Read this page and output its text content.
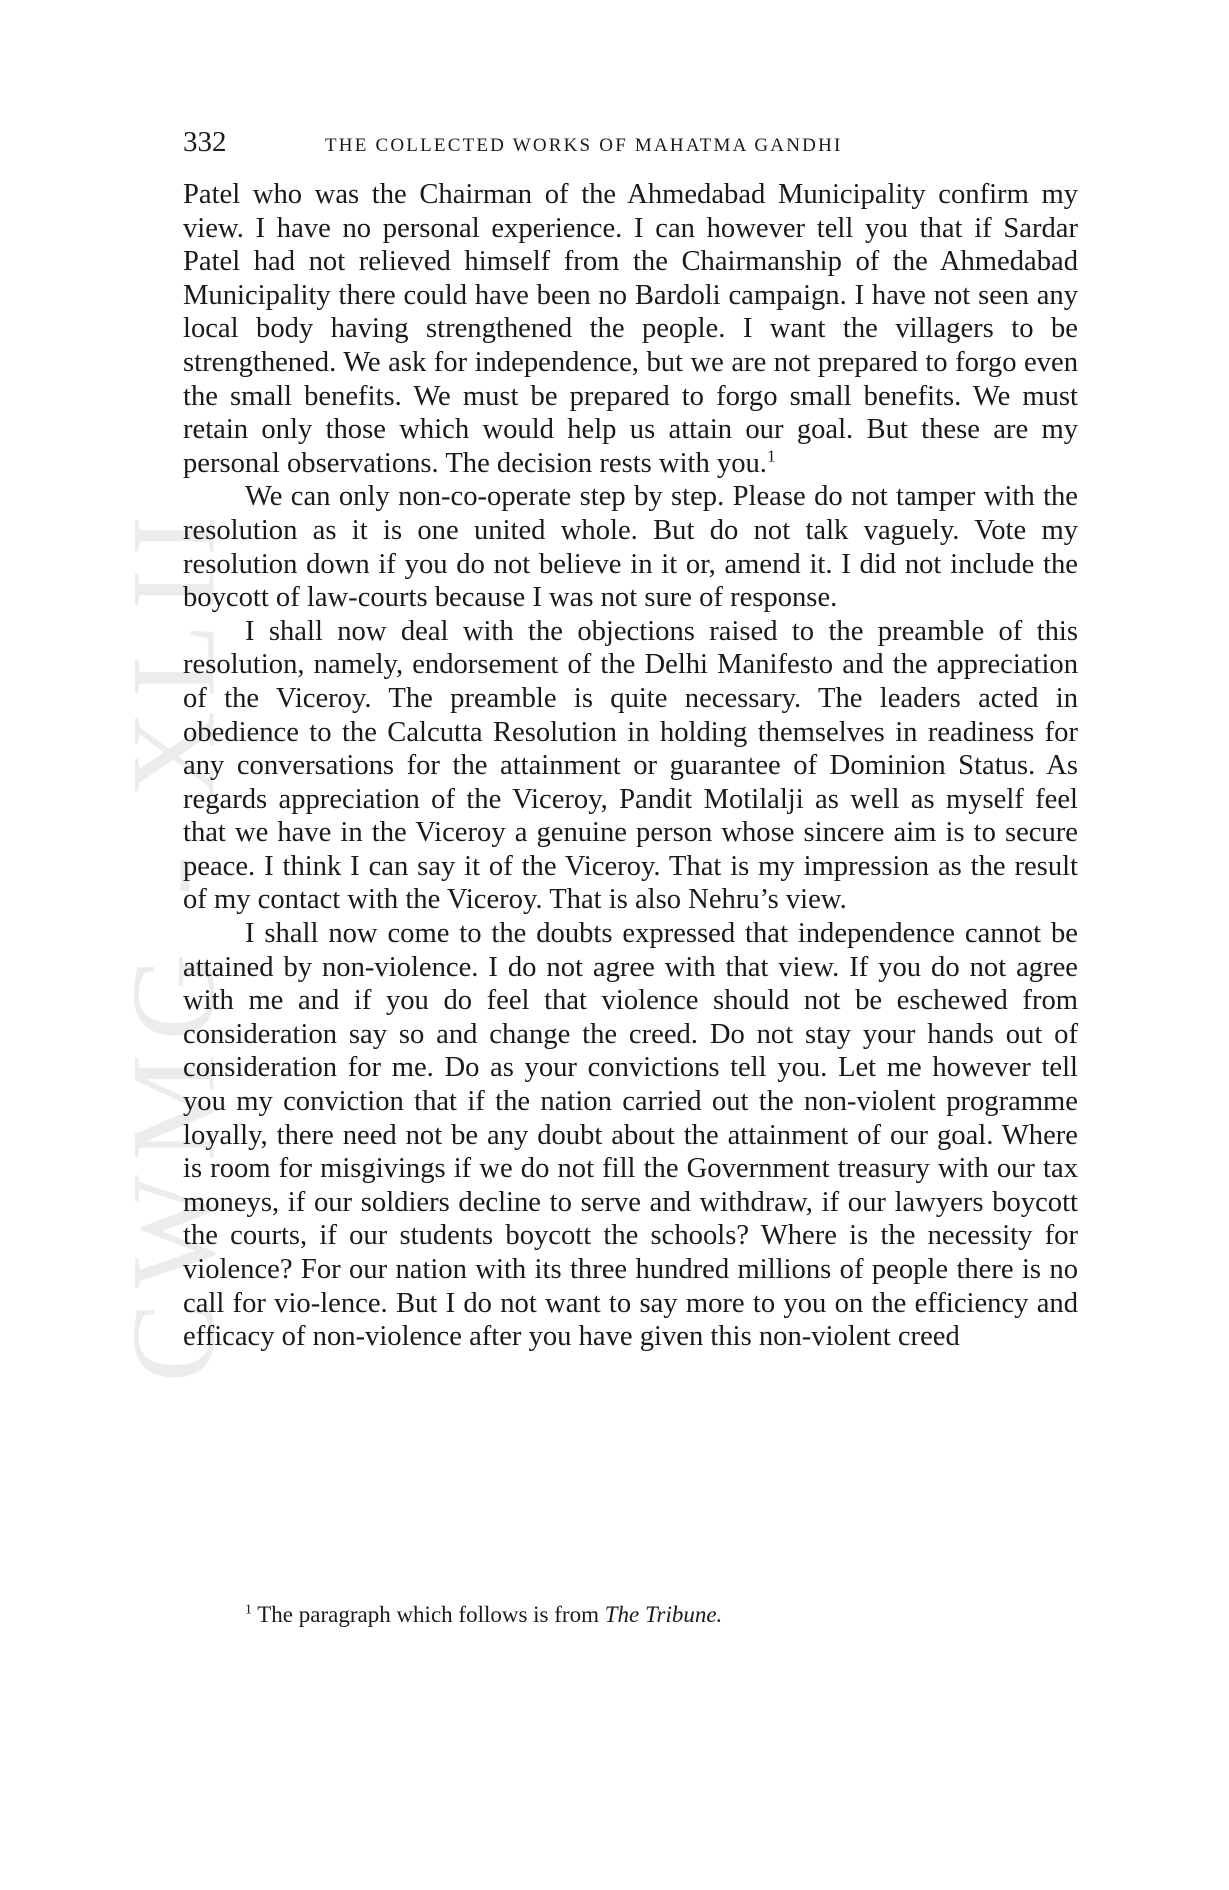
CWMG - XLII
332	THE COLLECTED WORKS OF MAHATMA GANDHI

Patel who was the Chairman of the Ahmedabad Municipality confirm my view. I have no personal experience. I can however tell you that if Sardar Patel had not relieved himself from the Chairmanship of the Ahmedabad Municipality there could have been no Bardoli campaign. I have not seen any local body having strengthened the people. I want the villagers to be strengthened. We ask for independence, but we are not prepared to forgo even the small benefits. We must be prepared to forgo small benefits. We must retain only those which would help us attain our goal. But these are my personal observations. The decision rests with you.$^1$

We can only non-co-operate step by step. Please do not tamper with the resolution as it is one united whole. But do not talk vaguely. Vote my resolution down if you do not believe in it or, amend it. I did not include the boycott of law-courts because I was not sure of response.

I shall now deal with the objections raised to the preamble of this resolution, namely, endorsement of the Delhi Manifesto and the appreciation of the Viceroy. The preamble is quite necessary. The leaders acted in obedience to the Calcutta Resolution in holding themselves in readiness for any conversations for the attainment or guarantee of Dominion Status. As regards appreciation of the Viceroy, Pandit Motilalji as well as myself feel that we have in the Viceroy a genuine person whose sincere aim is to secure peace. I think I can say it of the Viceroy. That is my impression as the result of my contact with the Viceroy. That is also Nehru’s view.

I shall now come to the doubts expressed that independence cannot be attained by non-violence. I do not agree with that view. If you do not agree with me and if you do feel that violence should not be eschewed from consideration say so and change the creed. Do not stay your hands out of consideration for me. Do as your convictions tell you. Let me however tell you my conviction that if the nation carried out the non-violent programme loyally, there need not be any doubt about the attainment of our goal. Where is room for misgivings if we do not fill the Government treasury with our tax moneys, if our soldiers decline to serve and withdraw, if our lawyers boycott the courts, if our students boycott the schools? Where is the necessity for violence? For our nation with its three hundred millions of people there is no call for vio-lence. But I do not want to say more to you on the efficiency and efficacy of non-violence after you have given this non-violent creed

$^1$ The paragraph which follows is from The Tribune.
